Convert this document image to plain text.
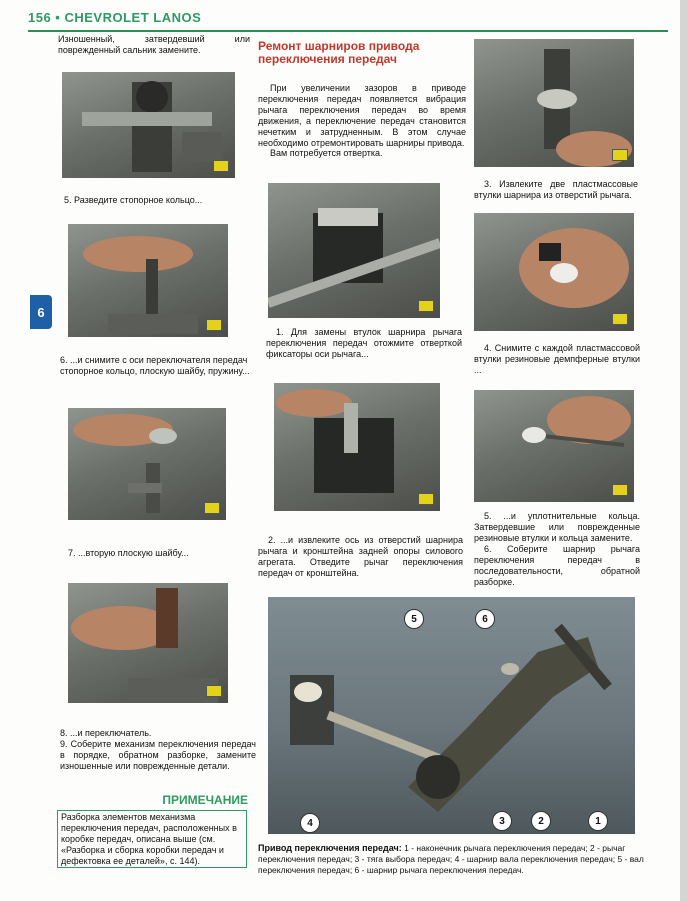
156 • CHEVROLET LANOS
6
Изношенный, затвердевший или поврежденный сальник замените.
5. Разведите стопорное кольцо...
6. ...и снимите с оси переключателя передач стопорное кольцо, плоскую шайбу, пружину...
7. ...вторую плоскую шайбу...
8. ...и переключатель.
9. Соберите механизм переключения передач в порядке, обратном разборке, замените изношенные или поврежденные детали.
ПРИМЕЧАНИЕ
Разборка элементов механизма переключения передач, расположенных в коробке передач, описана выше (см. «Разборка и сборка коробки передач и дефектовка ее деталей», с. 144).
Ремонт шарниров привода переключения передач
При увеличении зазоров в приводе переключения передач появляется вибрация рычага переключения передач во время движения, а переключение передач становится нечетким и затрудненным. В этом случае необходимо отремонтировать шарниры привода.
Вам потребуется отвертка.
1. Для замены втулок шарнира рычага переключения передач отожмите отверткой фиксаторы оси рычага...
2. ...и извлеките ось из отверстий шарнира рычага и кронштейна задней опоры силового агрегата. Отведите рычаг переключения передач от кронштейна.
3. Извлеките две пластмассовые втулки шарнира из отверстий рычага.
4. Снимите с каждой пластмассовой втулки резиновые демпферные втулки ...
5. ...и уплотнительные кольца. Затвердевшие или поврежденные резиновые втулки и кольца замените.
6. Соберите шарнир рычага переключения передач в последовательности, обратной разборке.
5	6
4	3	2	1
Привод переключения передач: 1 - наконечник рычага переключения передач; 2 - рычаг переключения передач; 3 - тяга выбора передач; 4 - шарнир вала переключения передач; 5 - вал переключения передач; 6 - шарнир рычага переключения передач.
